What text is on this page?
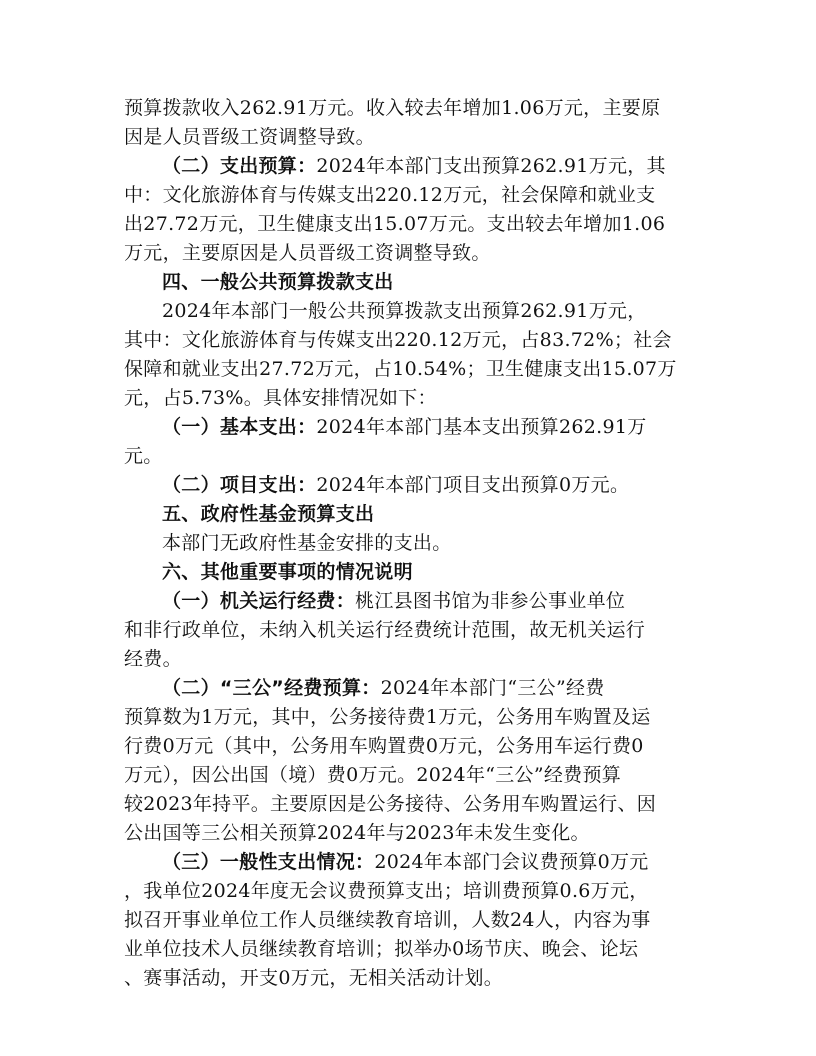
预算拨款收入262.91万元。收入较去年增加1.06万元，主要原
因是人员晋级工资调整导致。
（二）支出预算：2024年本部门支出预算262.91万元，其
中：文化旅游体育与传媒支出220.12万元，社会保障和就业支
出27.72万元，卫生健康支出15.07万元。支出较去年增加1.06
万元，主要原因是人员晋级工资调整导致。
四、一般公共预算拨款支出
2024年本部门一般公共预算拨款支出预算262.91万元，
其中：文化旅游体育与传媒支出220.12万元，占83.72%；社会
保障和就业支出27.72万元，占10.54%；卫生健康支出15.07万
元，占5.73%。具体安排情况如下：
（一）基本支出：2024年本部门基本支出预算262.91万
元。
（二）项目支出：2024年本部门项目支出预算0万元。
五、政府性基金预算支出
本部门无政府性基金安排的支出。
六、其他重要事项的情况说明
（一）机关运行经费：桃江县图书馆为非参公事业单位
和非行政单位，未纳入机关运行经费统计范围，故无机关运行
经费。
（二）“三公”经费预算：2024年本部门“三公”经费
预算数为1万元，其中，公务接待费1万元，公务用车购置及运
行费0万元（其中，公务用车购置费0万元，公务用车运行费0
万元），因公出国（境）费0万元。2024年“三公”经费预算
较2023年持平。主要原因是公务接待、公务用车购置运行、因
公出国等三公相关预算2024年与2023年未发生变化。
（三）一般性支出情况：2024年本部门会议费预算0万元
，我单位2024年度无会议费预算支出；培训费预算0.6万元，
拟召开事业单位工作人员继续教育培训，人数24人，内容为事
业单位技术人员继续教育培训；拟举办0场节庆、晚会、论坛
、赛事活动，开支0万元，无相关活动计划。
